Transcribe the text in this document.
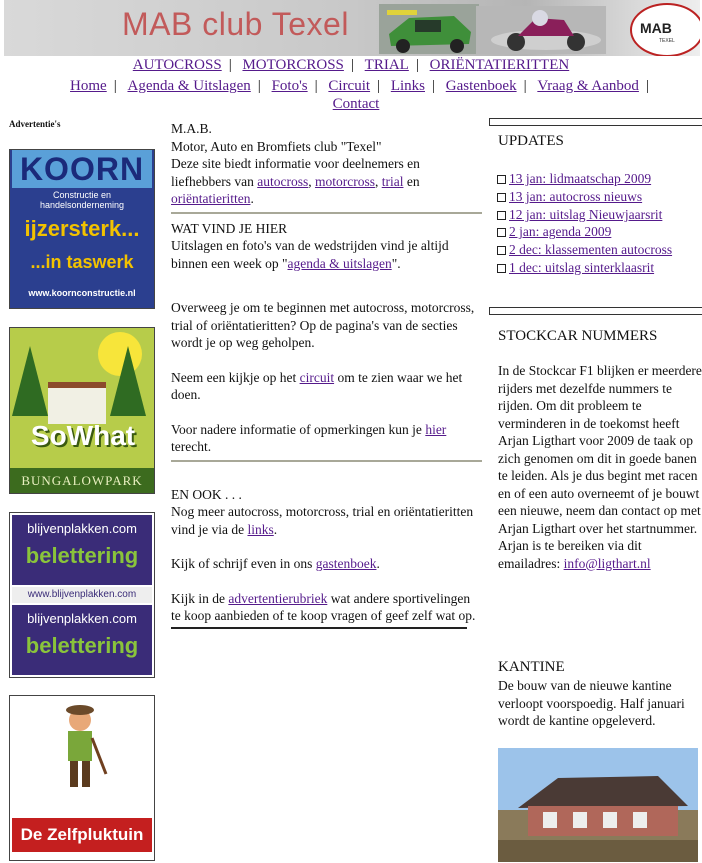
MAB club Texel	MAB
TEXEL
AUTOCROSS | MOTORCROSS | TRIAL | ORIËNTATIERITTEN
Home | Agenda & Uitslagen | Foto's | Circuit | Links | Gastenboek | Vraag & Aanbod |
Contact
Advertentie's
KOORN
Constructie en handelsonderneming
ijzersterk...
...in taswerk
www.koornconstructie.nl
SoWhat
BUNGALOWPARK
blijvenplakken.com
belettering
www.blijvenplakken.com
blijvenplakken.com
belettering
De Zelfpluktuin

M.A.B.

Motor, Auto en Bromfiets club "Texel"

Deze site biedt informatie voor deelnemers en liefhebbers van autocross, motorcross, trial en oriëntatieritten.

WAT VIND JE HIER

Uitslagen en foto's van de wedstrijden vind je altijd binnen een week op "agenda & uitslagen".

Overweeg je om te beginnen met autocross, motorcross, trial of oriëntatieritten? Op de pagina's van de secties wordt je op weg geholpen.

Neem een kijkje op het circuit om te zien waar we het doen.

Voor nadere informatie of opmerkingen kun je hier terecht.

EN OOK . . .

Nog meer autocross, motorcross, trial en oriëntatieritten vind je via de links.

Kijk of schrijf even in ons gastenboek.

Kijk in de advertentierubriek wat andere sportivelingen te koop aanbieden of te koop vragen of geef zelf wat op.

UPDATES
13 jan: lidmaatschap 2009
13 jan: autocross nieuws
12 jan: uitslag Nieuwjaarsrit
2 jan: agenda 2009
2 dec: klassementen autocross
1 dec: uitslag sinterklaasrit
STOCKCAR NUMMERS
In de Stockcar F1 blijken er meerdere rijders met dezelfde nummers te rijden. Om dit probleem te verminderen in de toekomst heeft Arjan Ligthart voor 2009 de taak op zich genomen om dit in goede banen te leiden. Als je dus begint met racen en of een auto overneemt of je bouwt een nieuwe, neem dan contact op met Arjan Ligthart over het startnummer. Arjan is te bereiken via dit emailadres: info@ligthart.nl
KANTINE
De bouw van de nieuwe kantine verloopt voorspoedig. Half januari wordt de kantine opgeleverd.
